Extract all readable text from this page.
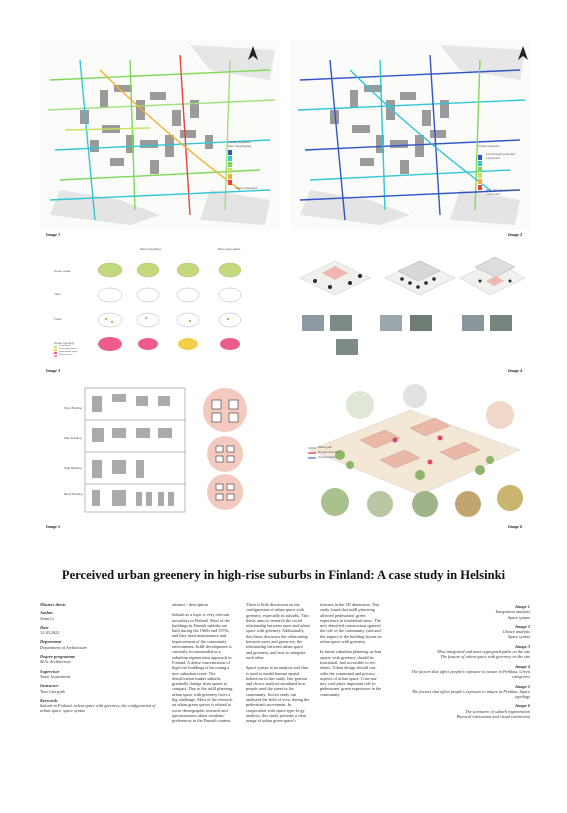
Visual integration
More Segregated
More integrated
Image 1
Choice analysis
Low through potential movement
High through potential movement
Image 2
Most integrated	Most segregated
Green areas
Yard
Trees
Green typology
Trees green
Semi-public green
Semi-private green
Private green
Image 3	Image 4
Point Building
Slab Building
High Building
Block Building
Image 5
Walking path
Physical interaction
Visual interaction
Image 6
Perceived urban greenery in high-rise suburbs in Finland: A case study in Helsinki
Masters thesis
Author
Anna Li
Date
12.30.2022
Department
Department of Architecture
Degree programme
M.Sc.Architecture
Supervisor
Anssi Joutsiniemi
Instructor
Tina Czerpyak
Keywords
Suburb in Finland, urban space with greenery, the configuration of urban space, space syntax

abstract / description

Suburb as a topic is very relevant nowadays in Finland. Most of the buildings in Finnish suburbs are built during the 1960s and 1970s, and they need maintenance and improvement of the community environment. Infill development is currently recommended as a suburban regeneration approach in Finland. A dense concentration of high-rise buildings is becoming a new suburban scene. The densification makes suburbs gradually change from sparse to compact. Due to the infill planning, urban space with greenery faces a big challenge. Most of the research on urban green spaces is related to socio-demographic research and questionnaires about residents' preferences in the Finnish context.

There is little discussion on the configuration of urban space with greenery, especially in suburbs. This thesis aims to research the social relationship between users and urban space with greenery. Additionally, this thesis discusses the relationship between users and green-ery, the relationship between urban space and greenery, and how to integrate each other.

Space syntax is an analysis tool that is used to model human spatial behaviour in this study. Iste-gration and choice analysis simulated how people used the street in the community. Isovist study can analyzed the field of view during the pedestrian's movement. In cooperation with space typo-lo-gy analysis, this study presents a clear image of urban green space's

features in the 3D dimension. This study found that infill plan-ning affected pedestrians' green experience in residential areas. The new densified construction ignored the role of the community yard and the impact of the building layout on urban space with greenery.

In future suburban planning, ur-ban spaces with greenery should be functional, and accessible to res-idents. Urban design should con-sider the communal and privacy aspects of urban space. Com-mu-nity yard plays important role in pedestrians' green experience in the community.

Image 1
Integration analysis
Space syntax
Image 2
Choice analysis
Space syntax
Image 3
Most integrated and most segregated paths on the site
The feature of urban space with greenery on the site
Image 4
The factors that affect people's exposure to nature in Perkkaa, Green categories
Image 5
The factors that affect people's exposure to nature in Perkkaa, Space typology
Image 6
The sceenario of suburb regeneration
Physical interaction and visual interaction
